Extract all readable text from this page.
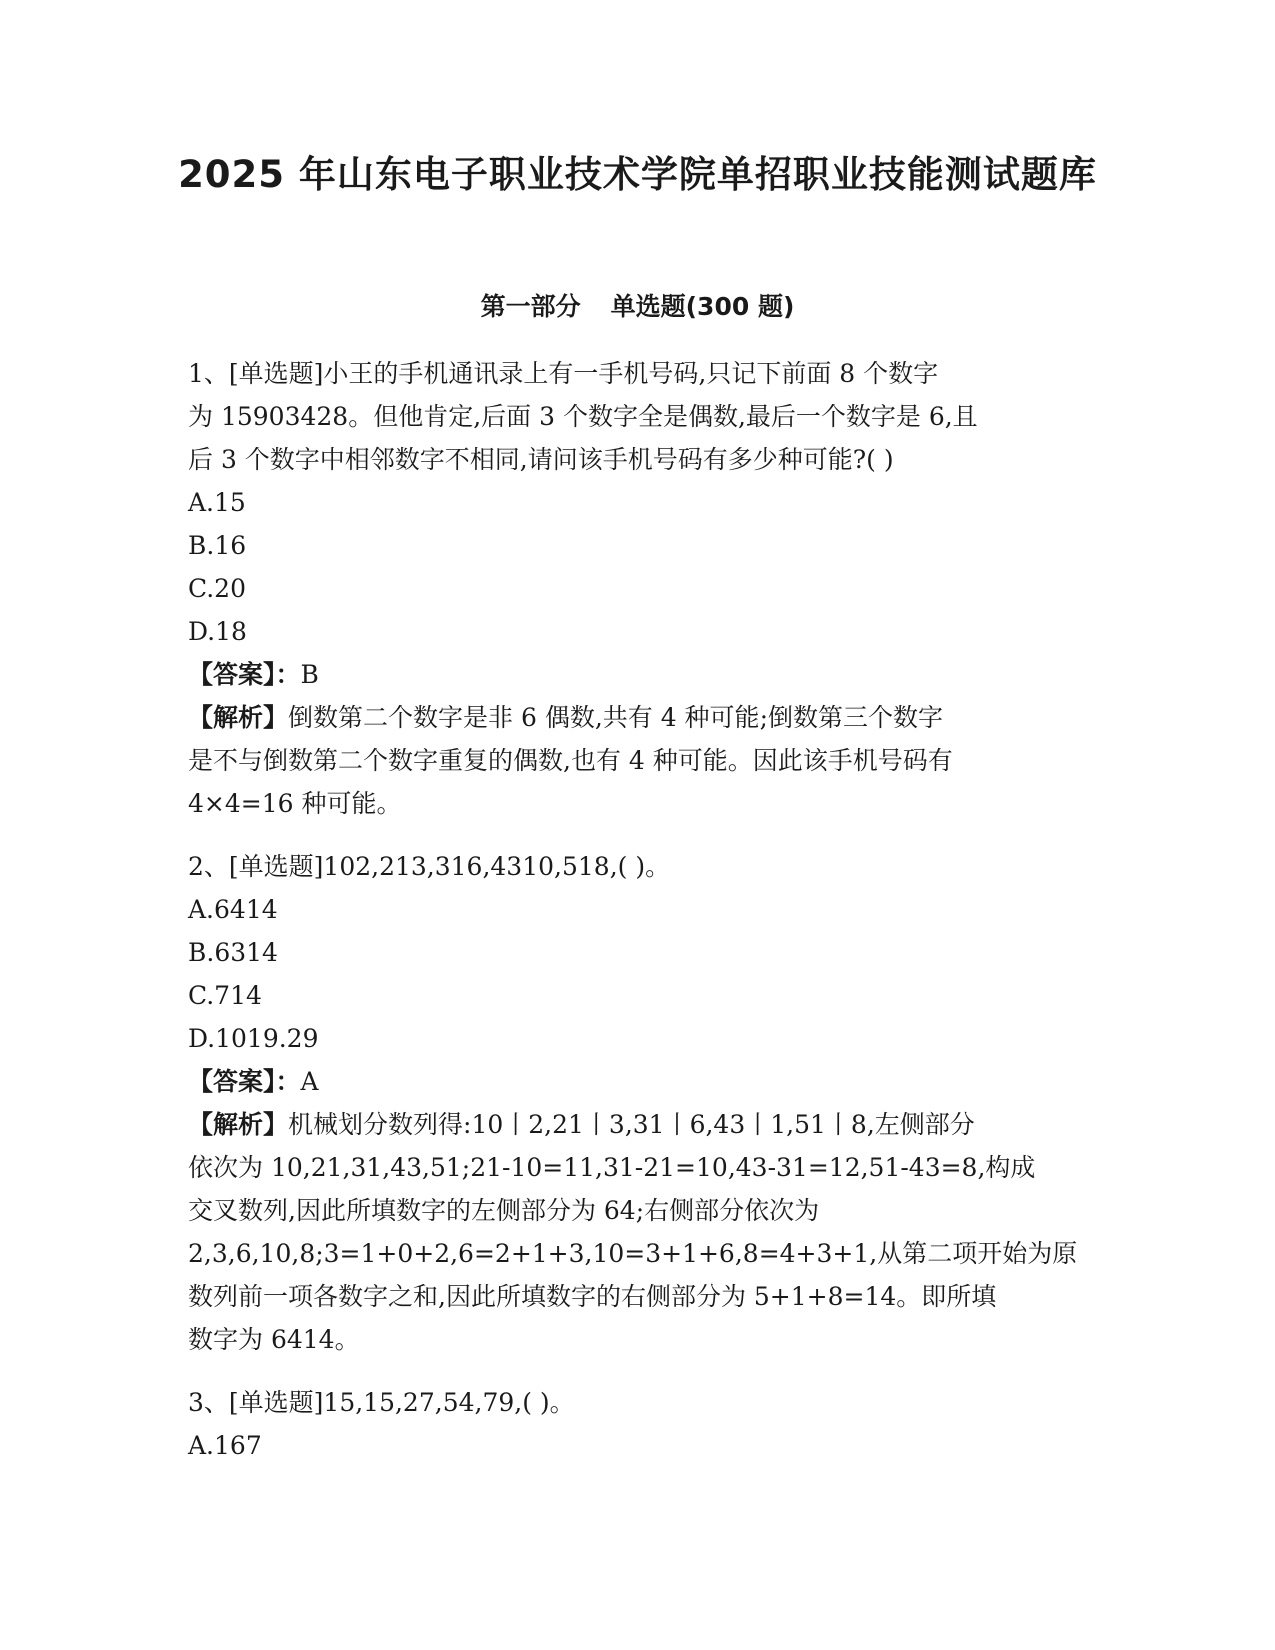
2025 年山东电子职业技术学院单招职业技能测试题库
第一部分 单选题(300 题)
1、[单选题]小王的手机通讯录上有一手机号码,只记下前面 8 个数字
为 15903428。但他肯定,后面 3 个数字全是偶数,最后一个数字是 6,且
后 3 个数字中相邻数字不相同,请问该手机号码有多少种可能?( )
A.15
B.16
C.20
D.18
【答案】：B
【解析】倒数第二个数字是非 6 偶数,共有 4 种可能;倒数第三个数字
是不与倒数第二个数字重复的偶数,也有 4 种可能。因此该手机号码有
4×4=16 种可能。
2、[单选题]102,213,316,4310,518,( )。
A.6414
B.6314
C.714
D.1019.29
【答案】：A
【解析】机械划分数列得:10丨2,21丨3,31丨6,43丨1,51丨8,左侧部分
依次为 10,21,31,43,51;21-10=11,31-21=10,43-31=12,51-43=8,构成
交叉数列,因此所填数字的左侧部分为 64;右侧部分依次为
2,3,6,10,8;3=1+0+2,6=2+1+3,10=3+1+6,8=4+3+1,从第二项开始为原
数列前一项各数字之和,因此所填数字的右侧部分为 5+1+8=14。即所填
数字为 6414。
3、[单选题]15,15,27,54,79,( )。
A.167
